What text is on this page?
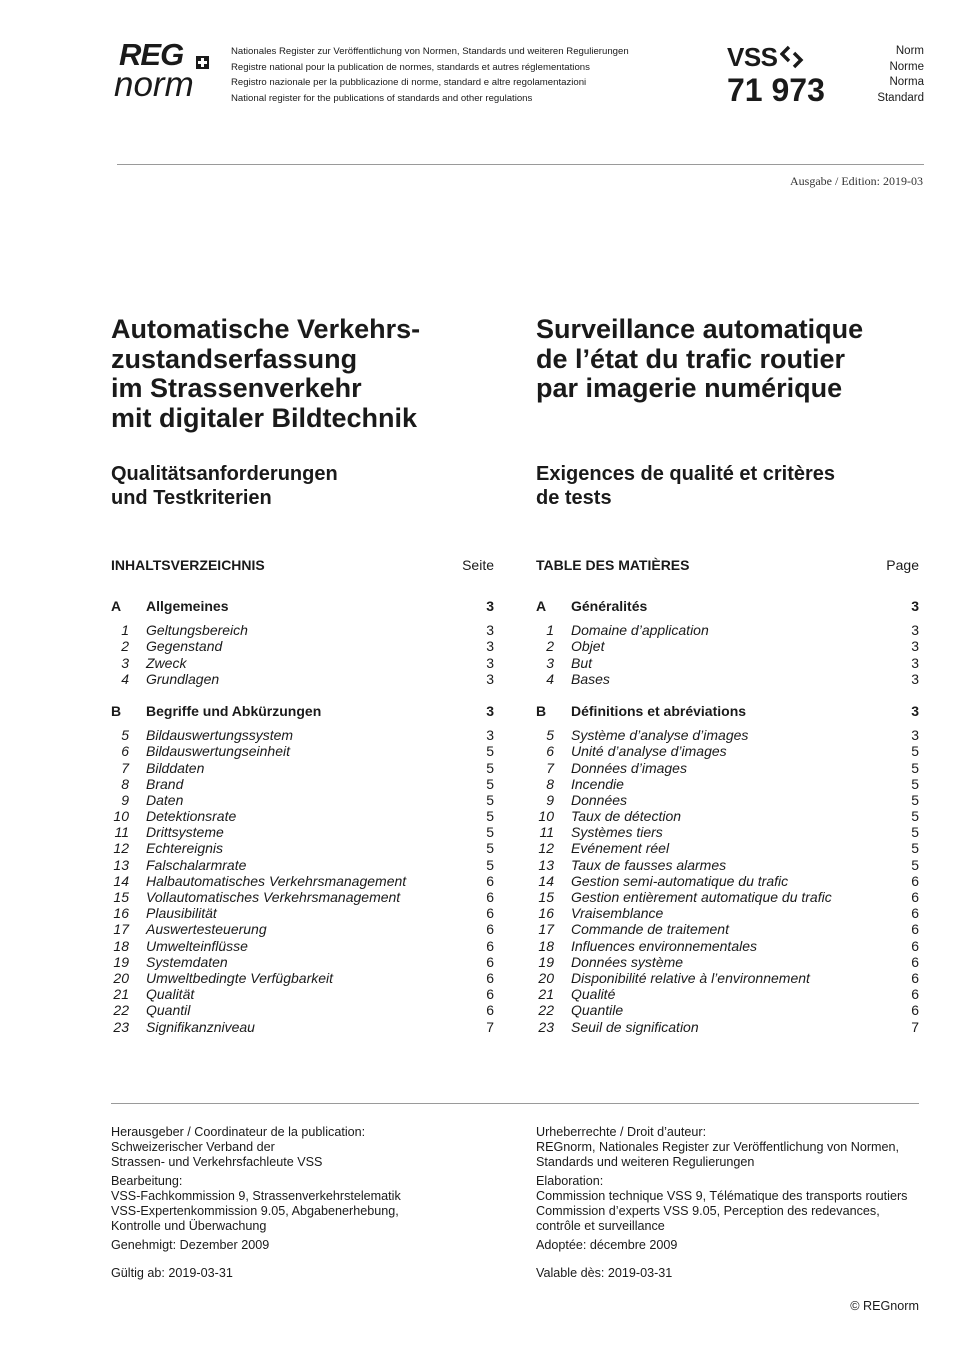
REG
norm
Nationales Register zur Veröffentlichung von Normen, Standards und weiteren Regulierungen
Registre national pour la publication de normes, standards et autres réglementations
Registro nazionale per la pubblicazione di norme, standard e altre regolamentazioni
National register for the publications of standards and other regulations
VSS
71 973
Norm
Norme
Norma
Standard
Ausgabe / Edition: 2019-03
Automatische Verkehrs-
zustandserfassung
im Strassenverkehr
mit digitaler Bildtechnik
Surveillance automatique
de l’état du trafic routier
par imagerie numérique
Qualitätsanforderungen
und Testkriterien
Exigences de qualité et critères
de tests
INHALTSVERZEICHNIS	Seite	TABLE DES MATIÈRES	Page
A Allgemeines	3
1 Geltungsbereich	3
2 Gegenstand	3
3 Zweck	3
4 Grundlagen	3
B Begriffe und Abkürzungen	3
5 Bildauswertungssystem	3
6 Bildauswertungseinheit	5
7 Bilddaten	5
8 Brand	5
9 Daten	5
10 Detektionsrate	5
11 Drittsysteme	5
12 Echtereignis	5
13 Falschalarmrate	5
14 Halbautomatisches Verkehrsmanagement	6
15 Vollautomatisches Verkehrsmanagement	6
16 Plausibilität	6
17 Auswertesteuerung	6
18 Umwelteinflüsse	6
19 Systemdaten	6
20 Umweltbedingte Verfügbarkeit	6
21 Qualität	6
22 Quantil	6
23 Signifikanzniveau	7
A Généralités	3
1 Domaine d’application	3
2 Objet	3
3 But	3
4 Bases	3
B Définitions et abréviations	3
5 Système d’analyse d’images	3
6 Unité d’analyse d’images	5
7 Données d’images	5
8 Incendie	5
9 Données	5
10 Taux de détection	5
11 Systèmes tiers	5
12 Evénement réel	5
13 Taux de fausses alarmes	5
14 Gestion semi-automatique du trafic	6
15 Gestion entièrement automatique du trafic	6
16 Vraisemblance	6
17 Commande de traitement	6
18 Influences environnementales	6
19 Données système	6
20 Disponibilité relative à l’environnement	6
21 Qualité	6
22 Quantile	6
23 Seuil de signification	7
Herausgeber / Coordinateur de la publication:
Schweizerischer Verband der
Strassen- und Verkehrsfachleute VSS
Bearbeitung:
VSS-Fachkommission 9, Strassenverkehrstelematik
VSS-Expertenkommission 9.05, Abgabenerhebung,
Kontrolle und Überwachung
Genehmigt: Dezember 2009
Gültig ab: 2019-03-31
Urheberrechte / Droit d’auteur:
REGnorm, Nationales Register zur Veröffentlichung von Normen,
Standards und weiteren Regulierungen
Elaboration:
Commission technique VSS 9, Télématique des transports routiers
Commission d’experts VSS 9.05, Perception des redevances,
contrôle et surveillance
Adoptée: décembre 2009
Valable dès: 2019-03-31
© REGnorm
